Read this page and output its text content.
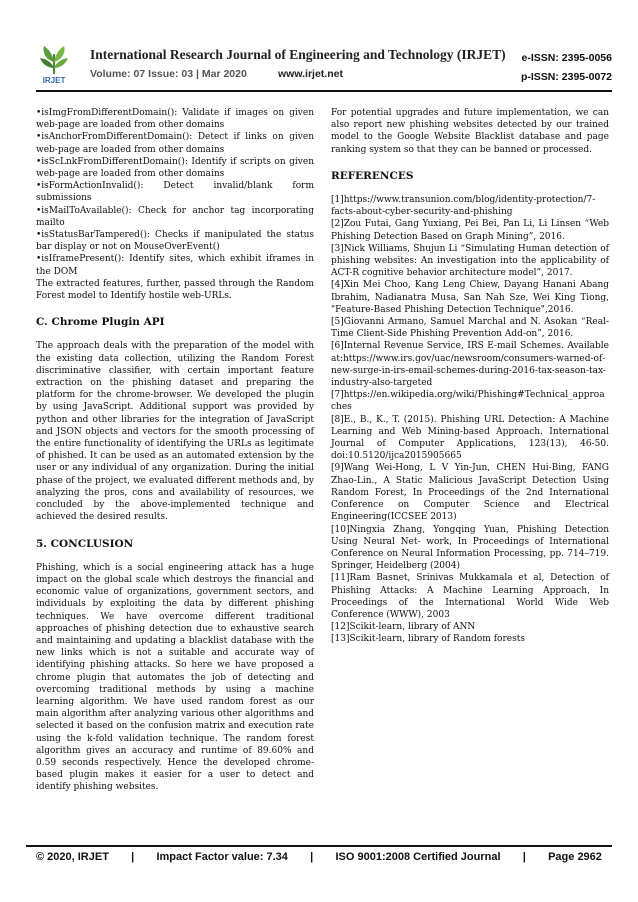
IRJET
International Research Journal of Engineering and Technology (IRJET) e-ISSN: 2395-0056
Volume: 07 Issue: 03 | Mar 2020	www.irjet.net	p-ISSN: 2395-0072

•isImgFromDifferentDomain(): Validate if images on given web-page are loaded from other domains

•isAnchorFromDifferentDomain(): Detect if links on given web-page are loaded from other domains

•isScLnkFromDifferentDomain(): Identify if scripts on given web-page are loaded from other domains

•isFormActionInvalid(): Detect invalid/blank form submissions

•isMailToAvailable(): Check for anchor tag incorporating mailto

•isStatusBarTampered(): Checks if manipulated the status bar display or not on MouseOverEvent()

•isIframePresent(): Identify sites, which exhibit iframes in the DOM

The extracted features, further, passed through the Random Forest model to Identify hostile web-URLs.

C. Chrome Plugin API

The approach deals with the preparation of the model with the existing data collection, utilizing the Random Forest discriminative classifier, with certain important feature extraction on the phishing dataset and preparing the platform for the chrome-browser. We developed the plugin by using JavaScript. Additional support was provided by python and other libraries for the integration of JavaScript and JSON objects and vectors for the smooth processing of the entire functionality of identifying the URLs as legitimate of phished. It can be used as an automated extension by the user or any individual of any organization. During the initial phase of the project, we evaluated different methods and, by analyzing the pros, cons and availability of resources, we concluded by the above-implemented technique and achieved the desired results.

5. CONCLUSION

Phishing, which is a social engineering attack has a huge impact on the global scale which destroys the financial and economic value of organizations, government sectors, and individuals by exploiting the data by different phishing techniques. We have overcome different traditional approaches of phishing detection due to exhaustive search and maintaining and updating a blacklist database with the new links which is not a suitable and accurate way of identifying phishing attacks. So here we have proposed a chrome plugin that automates the job of detecting and overcoming traditional methods by using a machine learning algorithm. We have used random forest as our main algorithm after analyzing various other algorithms and selected it based on the confusion matrix and execution rate using the k-fold validation technique. The random forest algorithm gives an accuracy and runtime of 89.60% and 0.59 seconds respectively. Hence the developed chrome-based plugin makes it easier for a user to detect and identify phishing websites.

For potential upgrades and future implementation, we can also report new phishing websites detected by our trained model to the Google Website Blacklist database and page ranking system so that they can be banned or processed.

REFERENCES

[1]https://www.transunion.com/blog/identity-protection/7-facts-about-cyber-security-and-phishing

[2]Zou Futai, Gang Yuxiang, Pei Bei, Pan Li, Li Linsen “Web Phishing Detection Based on Graph Mining”, 2016.

[3]Nick Williams, Shujun Li “Simulating Human detection of phishing websites: An investigation into the applicability of ACT-R cognitive behavior architecture model”, 2017.

[4]Xin Mei Choo, Kang Leng Chiew, Dayang Hanani Abang Ibrahim, Nadianatra Musa, San Nah Sze, Wei King Tiong, "Feature-Based Phishing Detection Technique",2016.

[5]Giovanni Armano, Samuel Marchal and N. Asokan “Real-Time Client-Side Phishing Prevention Add-on”, 2016.

[6]Internal Revenue Service, IRS E-mail Schemes. Available at:https://www.irs.gov/uac/newsroom/consumers-warned-of-new-surge-in-irs-email-schemes-during-2016-tax-season-tax-industry-also-targeted

[7]https://en.wikipedia.org/wiki/Phishing#Technical_approaches

[8]E., B., K., T. (2015). Phishing URL Detection: A Machine Learning and Web Mining-based Approach. International Journal of Computer Applications, 123(13), 46-50. doi:10.5120/ijca2015905665

[9]Wang Wei-Hong, L V Yin-Jun, CHEN Hui-Bing, FANG Zhao-Lin., A Static Malicious JavaScript Detection Using Random Forest, In Proceedings of the 2nd International Conference on Computer Science and Electrical Engineering(ICCSEE 2013)

[10]Ningxia Zhang, Yongqing Yuan, Phishing Detection Using Neural Net- work, In Proceedings of International Conference on Neural Information Processing, pp. 714–719. Springer, Heidelberg (2004)

[11]Ram Basnet, Srinivas Mukkamala et al, Detection of Phishing Attacks: A Machine Learning Approach, In Proceedings of the International World Wide Web Conference (WWW), 2003

[12]Scikit-learn, library of ANN

[13]Scikit-learn, library of Random forests

© 2020, IRJET | Impact Factor value: 7.34 | ISO 9001:2008 Certified Journal | Page 2962
